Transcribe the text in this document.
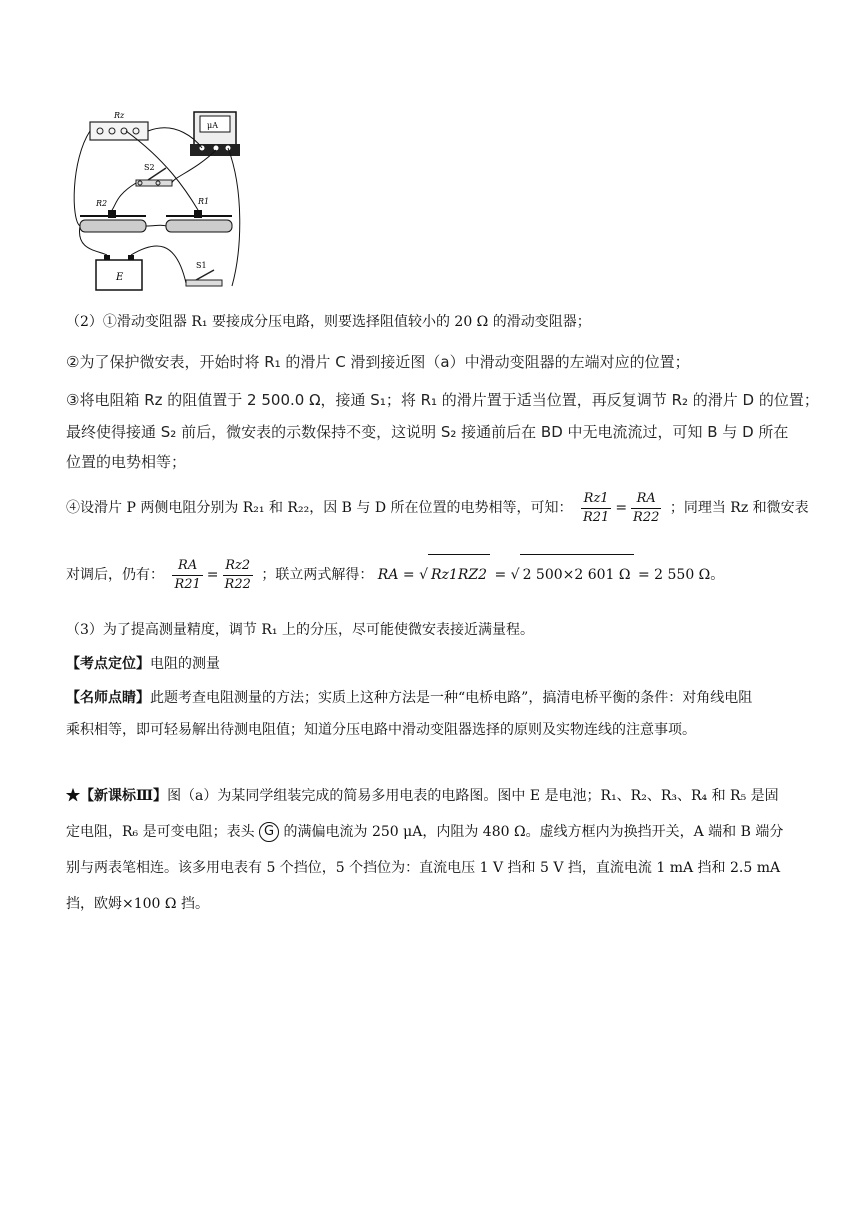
Rz
μA
S2
R2	R1
E
S1
（2）①滑动变阻器 R₁ 要接成分压电路，则要选择阻值较小的 20 Ω 的滑动变阻器；
②为了保护微安表，开始时将 R₁ 的滑片 C 滑到接近图（a）中滑动变阻器的左端对应的位置；
③将电阻箱 Rz 的阻值置于 2 500.0 Ω，接通 S₁；将 R₁ 的滑片置于适当位置，再反复调节 R₂ 的滑片 D 的位置；
最终使得接通 S₂ 前后，微安表的示数保持不变，这说明 S₂ 接通前后在 BD 中无电流流过，可知 B 与 D 所在
位置的电势相等；
④设滑片 P 两侧电阻分别为 R₂₁ 和 R₂₂，因 B 与 D 所在位置的电势相等，可知： $\frac{Rz1}{R21} = \frac{RA}{R22}$ ；同理当 Rz 和微安表
对调后，仍有： $\frac{RA}{R21} = \frac{Rz2}{R22}$ ；联立两式解得： RA = √ Rz1RZ2 = √ 2 500×2 601 Ω = 2 550 Ω。
（3）为了提高测量精度，调节 R₁ 上的分压，尽可能使微安表接近满量程。
【考点定位】电阻的测量
【名师点睛】此题考查电阻测量的方法；实质上这种方法是一种“电桥电路”，搞清电桥平衡的条件：对角线电阻
乘积相等，即可轻易解出待测电阻值；知道分压电路中滑动变阻器选择的原则及实物连线的注意事项。
★【新课标Ⅲ】图（a）为某同学组装完成的简易多用电表的电路图。图中 E 是电池；R₁、R₂、R₃、R₄ 和 R₅ 是固
定电阻，R₆ 是可变电阻；表头 G 的满偏电流为 250 μA，内阻为 480 Ω。虚线方框内为换挡开关，A 端和 B 端分
别与两表笔相连。该多用电表有 5 个挡位，5 个挡位为：直流电压 1 V 挡和 5 V 挡，直流电流 1 mA 挡和 2.5 mA
挡，欧姆×100 Ω 挡。
